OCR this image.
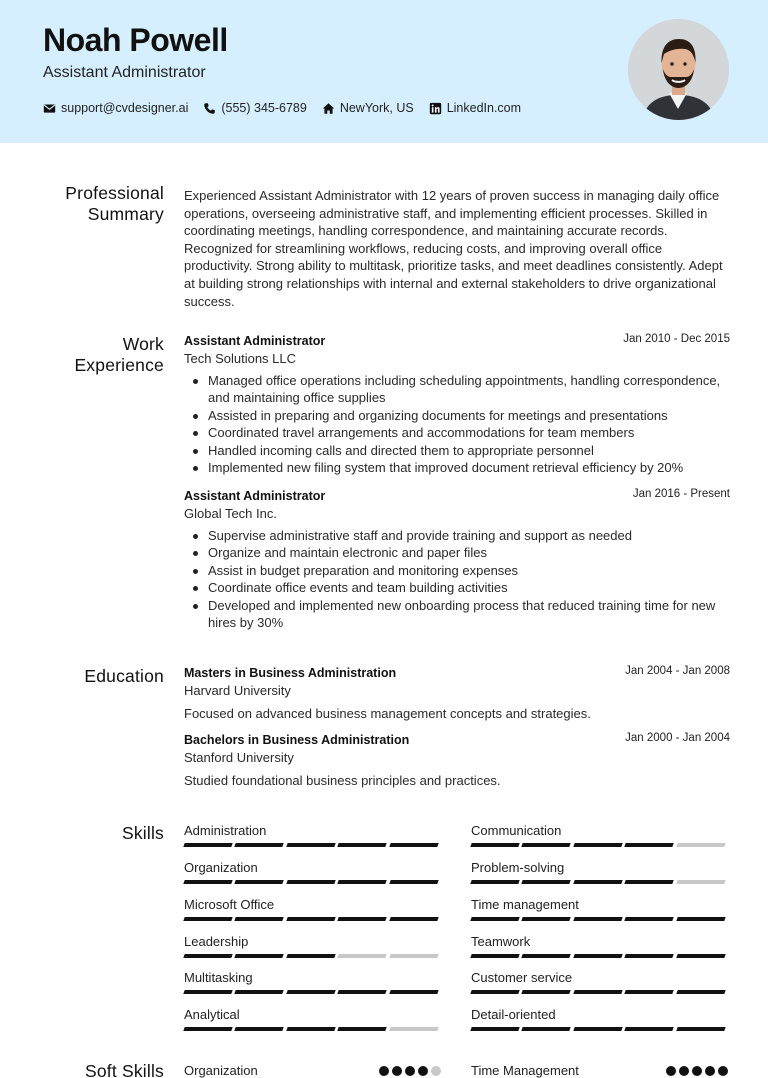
Noah Powell
Assistant Administrator
support@cvdesigner.ai	(555) 345-6789	NewYork, US	LinkedIn.com
Professional Summary
Experienced Assistant Administrator with 12 years of proven success in managing daily office operations, overseeing administrative staff, and implementing efficient processes. Skilled in coordinating meetings, handling correspondence, and maintaining accurate records. Recognized for streamlining workflows, reducing costs, and improving overall office productivity. Strong ability to multitask, prioritize tasks, and meet deadlines consistently. Adept at building strong relationships with internal and external stakeholders to drive organizational success.
Work Experience
Assistant Administrator	Jan 2010 - Dec 2015
Tech Solutions LLC
Managed office operations including scheduling appointments, handling correspondence, and maintaining office supplies
Assisted in preparing and organizing documents for meetings and presentations
Coordinated travel arrangements and accommodations for team members
Handled incoming calls and directed them to appropriate personnel
Implemented new filing system that improved document retrieval efficiency by 20%
Assistant Administrator	Jan 2016 - Present
Global Tech Inc.
Supervise administrative staff and provide training and support as needed
Organize and maintain electronic and paper files
Assist in budget preparation and monitoring expenses
Coordinate office events and team building activities
Developed and implemented new onboarding process that reduced training time for new hires by 30%
Education Masters in Business Administration	Jan 2004 - Jan 2008
Harvard University
Focused on advanced business management concepts and strategies.
Bachelors in Business Administration	Jan 2000 - Jan 2004
Stanford University
Studied foundational business principles and practices.
Skills Administration	Communication
Organization	Problem-solving
Microsoft Office	Time management
Leadership	Teamwork
Multitasking	Customer service
Analytical	Detail-oriented
Soft Skills Organization	Time Management
